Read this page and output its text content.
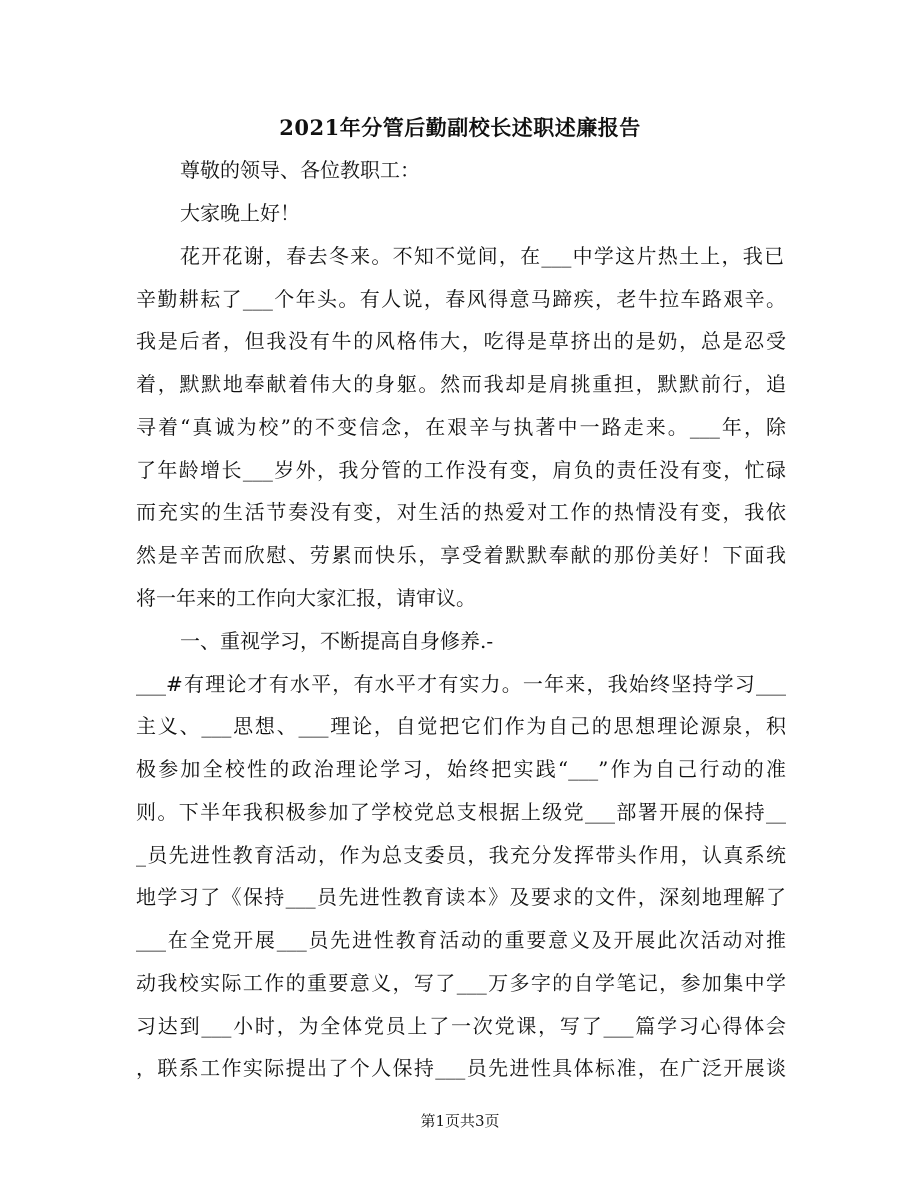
2021年分管后勤副校长述职述廉报告
尊敬的领导、各位教职工：
大家晚上好！
花开花谢，春去冬来。不知不觉间，在___中学这片热土上，我已
辛勤耕耘了___个年头。有人说，春风得意马蹄疾，老牛拉车路艰辛。
我是后者，但我没有牛的风格伟大，吃得是草挤出的是奶，总是忍受
着，默默地奉献着伟大的身躯。然而我却是肩挑重担，默默前行，追
寻着“真诚为校”的不变信念，在艰辛与执著中一路走来。___年，除
了年龄增长___岁外，我分管的工作没有变，肩负的责任没有变，忙碌
而充实的生活节奏没有变，对生活的热爱对工作的热情没有变，我依
然是辛苦而欣慰、劳累而快乐，享受着默默奉献的那份美好！下面我
将一年来的工作向大家汇报，请审议。
一、重视学习，不断提高自身修养.-
___#有理论才有水平，有水平才有实力。一年来，我始终坚持学习___
主义、___思想、___理论，自觉把它们作为自己的思想理论源泉，积
极参加全校性的政治理论学习，始终把实践“___”作为自己行动的准
则。下半年我积极参加了学校党总支根据上级党___部署开展的保持__
_员先进性教育活动，作为总支委员，我充分发挥带头作用，认真系统
地学习了《保持___员先进性教育读本》及要求的文件，深刻地理解了
___在全党开展___员先进性教育活动的重要意义及开展此次活动对推
动我校实际工作的重要意义，写了___万多字的自学笔记，参加集中学
习达到___小时，为全体党员上了一次党课，写了___篇学习心得体会
，联系工作实际提出了个人保持___员先进性具体标准，在广泛开展谈
第1页共3页
